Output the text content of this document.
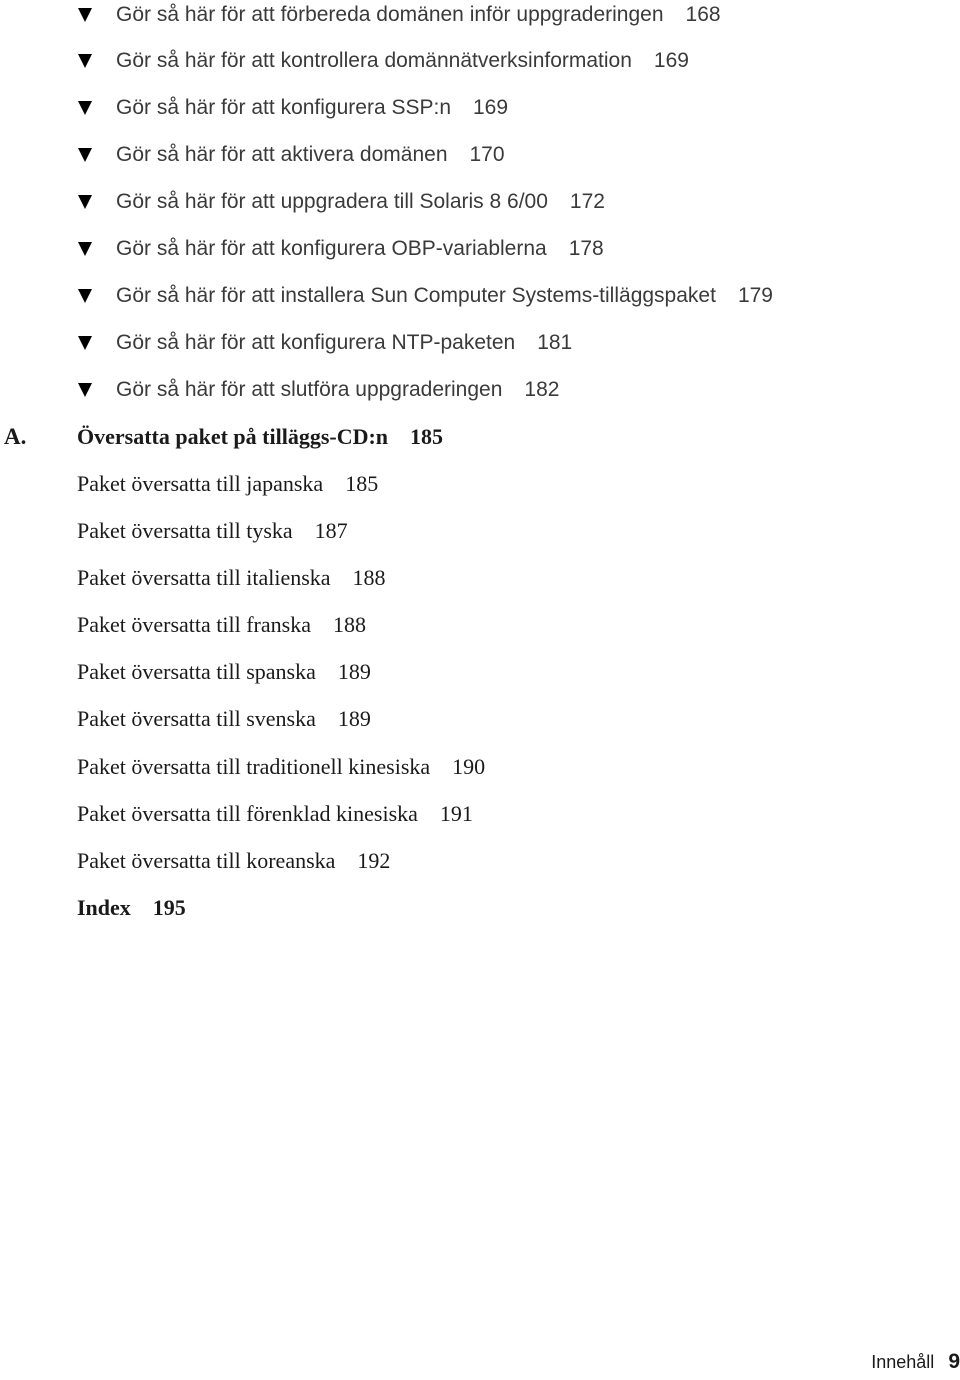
Gör så här för att förbereda domänen inför uppgraderingen 168
Gör så här för att kontrollera domännätverksinformation 169
Gör så här för att konfigurera SSP:n 169
Gör så här för att aktivera domänen 170
Gör så här för att uppgradera till Solaris 8 6/00 172
Gör så här för att konfigurera OBP-variablerna 178
Gör så här för att installera Sun Computer Systems-tilläggspaket 179
Gör så här för att konfigurera NTP-paketen 181
Gör så här för att slutföra uppgraderingen 182
A. Översatta paket på tilläggs-CD:n 185
Paket översatta till japanska 185
Paket översatta till tyska 187
Paket översatta till italienska 188
Paket översatta till franska 188
Paket översatta till spanska 189
Paket översatta till svenska 189
Paket översatta till traditionell kinesiska 190
Paket översatta till förenklad kinesiska 191
Paket översatta till koreanska 192
Index 195
Innehåll 9
